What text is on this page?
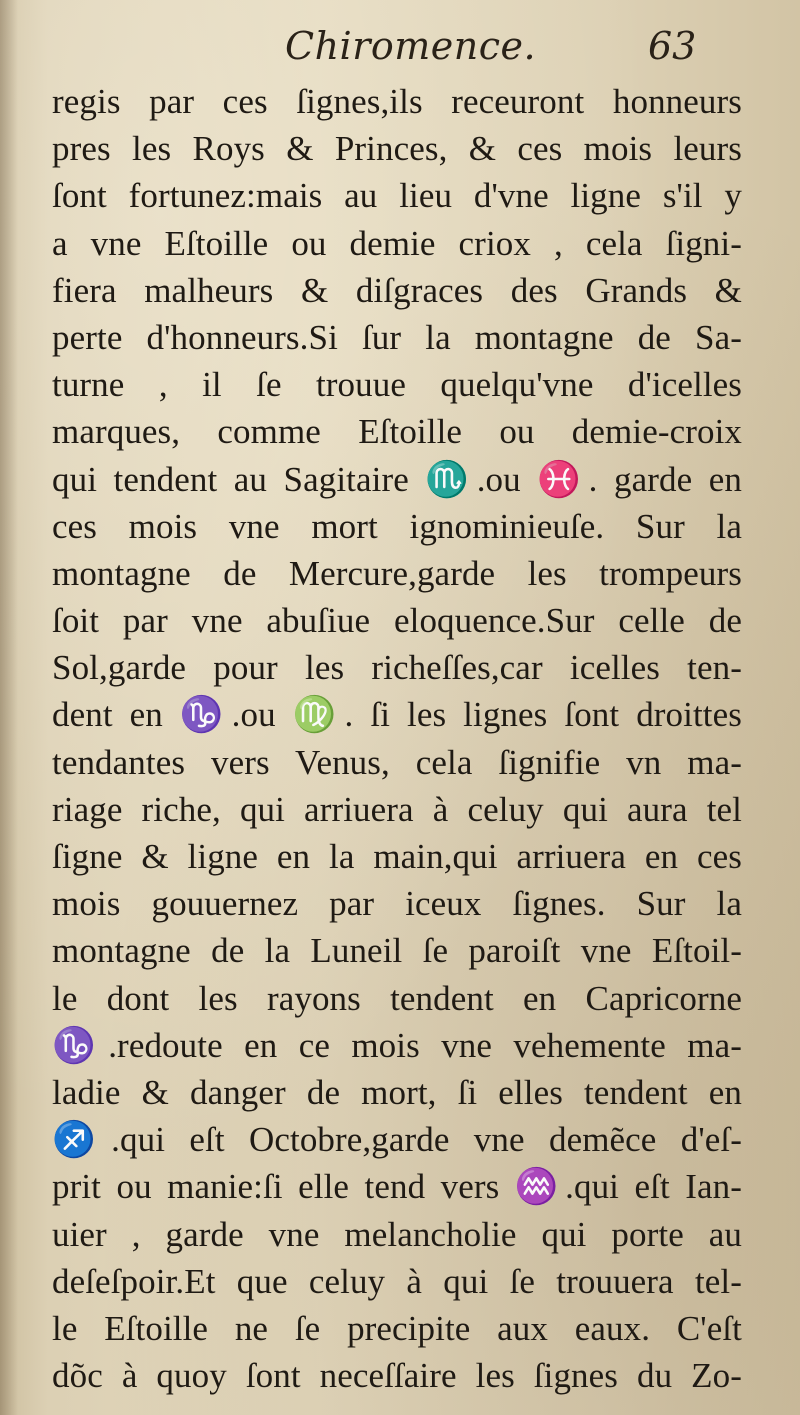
Chiromence.	63
regis par ces ſignes,ils receuront honneurs
pres les Roys & Princes, & ces mois leurs
ſont fortunez:mais au lieu d'vne ligne s'il y
a vne Eſtoille ou demie criox , cela ſigni-
fiera malheurs & diſgraces des Grands &
perte d'honneurs.Si ſur la montagne de Sa-
turne , il ſe trouue quelqu'vne d'icelles
marques, comme Eſtoille ou demie-croix
qui tendent au Sagitaire ♏.ou ♓. garde en
ces mois vne mort ignominieuſe. Sur la
montagne de Mercure,garde les trompeurs
ſoit par vne abuſiue eloquence.Sur celle de
Sol,garde pour les richeſſes,car icelles ten-
dent en ♑.ou ♍. ſi les lignes ſont droittes
tendantes vers Venus, cela ſignifie vn ma-
riage riche, qui arriuera à celuy qui aura tel
ſigne & ligne en la main,qui arriuera en ces
mois gouuernez par iceux ſignes. Sur la
montagne de la Luneil ſe paroiſt vne Eſtoil-
le dont les rayons tendent en Capricorne
♑.redoute en ce mois vne vehemente ma-
ladie & danger de mort, ſi elles tendent en
♐.qui eſt Octobre,garde vne demẽce d'eſ-
prit ou manie:ſi elle tend vers ♒.qui eſt Ian-
uier , garde vne melancholie qui porte au
deſeſpoir.Et que celuy à qui ſe trouuera tel-
le Eſtoille ne ſe precipite aux eaux. C'eſt
dõc à quoy ſont neceſſaire les ſignes du Zo-
